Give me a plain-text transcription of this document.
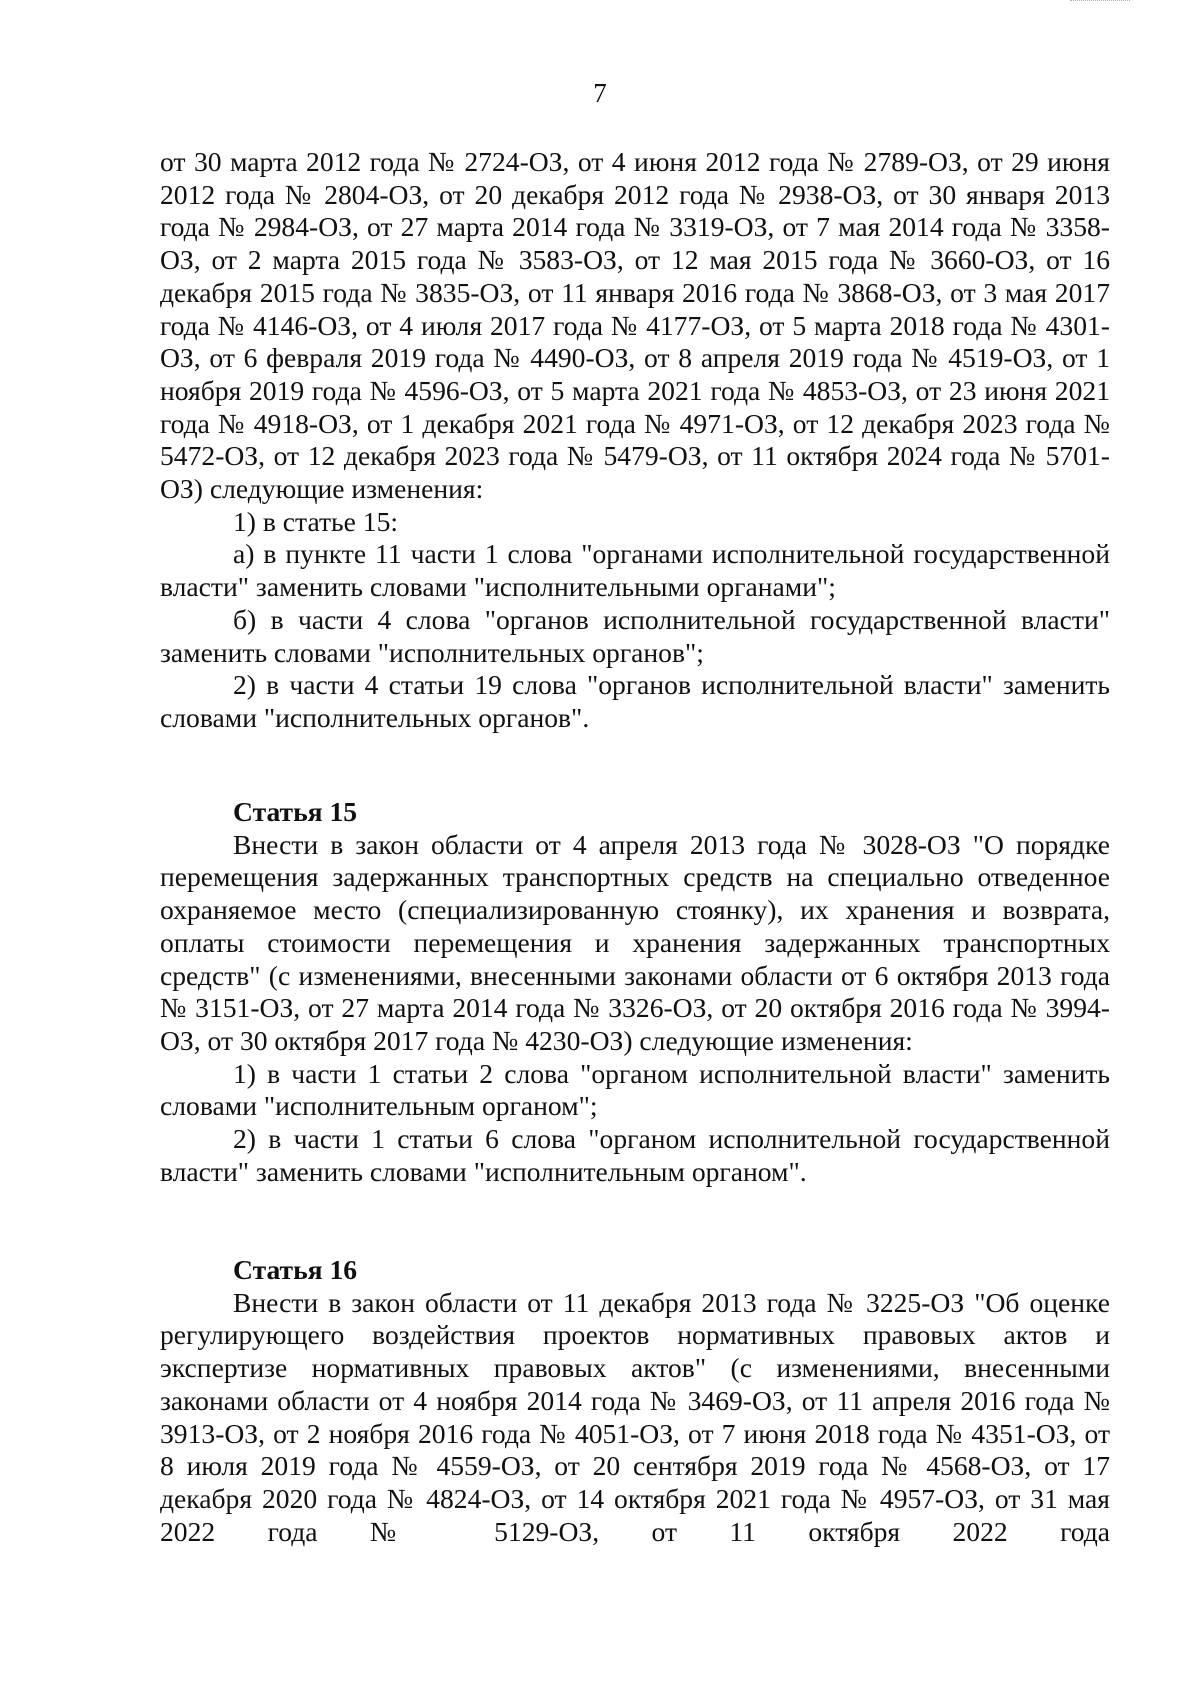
7

от 30 марта 2012 года № 2724-ОЗ, от 4 июня 2012 года № 2789-ОЗ, от 29 июня 2012 года № 2804-ОЗ, от 20 декабря 2012 года № 2938-ОЗ, от 30 января 2013 года № 2984-ОЗ, от 27 марта 2014 года № 3319-ОЗ, от 7 мая 2014 года № 3358-ОЗ, от 2 марта 2015 года № 3583-ОЗ, от 12 мая 2015 года № 3660-ОЗ, от 16 декабря 2015 года № 3835-ОЗ, от 11 января 2016 года № 3868-ОЗ, от 3 мая 2017 года № 4146-ОЗ, от 4 июля 2017 года № 4177-ОЗ, от 5 марта 2018 года № 4301-ОЗ, от 6 февраля 2019 года № 4490-ОЗ, от 8 апреля 2019 года № 4519-ОЗ, от 1 ноября 2019 года № 4596-ОЗ, от 5 марта 2021 года № 4853-ОЗ, от 23 июня 2021 года № 4918-ОЗ, от 1 декабря 2021 года № 4971-ОЗ, от 12 декабря 2023 года № 5472-ОЗ, от 12 декабря 2023 года № 5479-ОЗ, от 11 октября 2024 года № 5701-ОЗ) следующие изменения:

1) в статье 15:

а) в пункте 11 части 1 слова "органами исполнительной государственной власти" заменить словами "исполнительными органами";

б) в части 4 слова "органов исполнительной государственной власти" заменить словами "исполнительных органов";

2) в части 4 статьи 19 слова "органов исполнительной власти" заменить словами "исполнительных органов".

Статья 15

Внести в закон области от 4 апреля 2013 года № 3028-ОЗ "О порядке перемещения задержанных транспортных средств на специально отведенное охраняемое место (специализированную стоянку), их хранения и возврата, оплаты стоимости перемещения и хранения задержанных транспортных средств" (с изменениями, внесенными законами области от 6 октября 2013 года № 3151-ОЗ, от 27 марта 2014 года № 3326-ОЗ, от 20 октября 2016 года № 3994-ОЗ, от 30 октября 2017 года № 4230-ОЗ) следующие изменения:

1) в части 1 статьи 2 слова "органом исполнительной власти" заменить словами "исполнительным органом";

2) в части 1 статьи 6 слова "органом исполнительной государственной власти" заменить словами "исполнительным органом".

Статья 16

Внести в закон области от 11 декабря 2013 года № 3225-ОЗ "Об оценке регулирующего воздействия проектов нормативных правовых актов и экспертизе нормативных правовых актов" (с изменениями, внесенными законами области от 4 ноября 2014 года № 3469-ОЗ, от 11 апреля 2016 года № 3913-ОЗ, от 2 ноября 2016 года № 4051-ОЗ, от 7 июня 2018 года № 4351-ОЗ, от 8 июля 2019 года № 4559-ОЗ, от 20 сентября 2019 года № 4568-ОЗ, от 17 декабря 2020 года № 4824-ОЗ, от 14 октября 2021 года № 4957-ОЗ, от 31 мая 2022 года № 5129-ОЗ, от 11 октября 2022 года
